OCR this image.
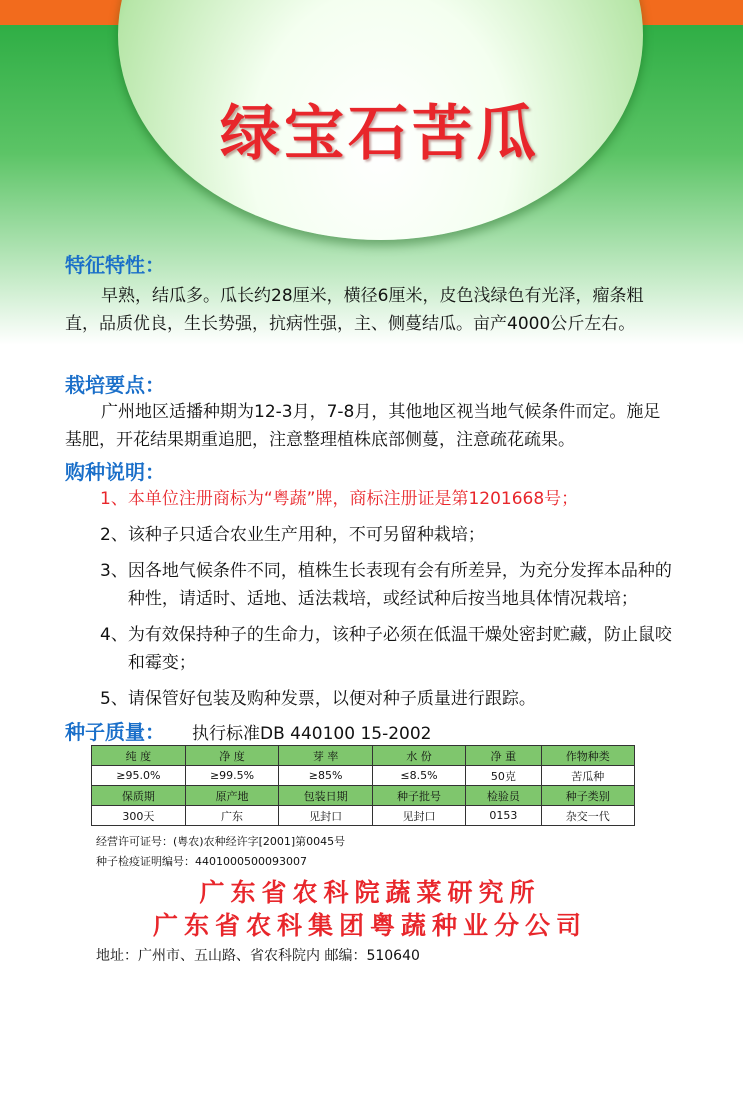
绿宝石苦瓜
特征特性：
早熟，结瓜多。瓜长约28厘米，横径6厘米，皮色浅绿色有光泽，瘤条粗直，品质优良，生长势强，抗病性强，主、侧蔓结瓜。亩产4000公斤左右。
栽培要点：
广州地区适播种期为12-3月，7-8月，其他地区视当地气候条件而定。施足基肥，开花结果期重追肥，注意整理植株底部侧蔓，注意疏花疏果。
购种说明：
1、 本单位注册商标为“粤蔬”牌，商标注册证是第1201668号；
2、 该种子只适合农业生产用种，不可另留种栽培；
3、 因各地气候条件不同，植株生长表现有会有所差异，为充分发挥本品种的种性，请适时、适地、适法栽培，或经试种后按当地具体情况栽培；
4、 为有效保持种子的生命力，该种子必须在低温干燥处密封贮藏，防止鼠咬和霉变；
5、 请保管好包装及购种发票，以便对种子质量进行跟踪。
种子质量： 执行标准DB 440100 15-2002
纯 度	净 度	芽 率	水 份	净 重	作物种类
≥95.0%	≥99.5%	≥85%	≤8.5%	50克	苦瓜种
保质期	原产地	包装日期	种子批号	检验员	种子类别
300天	广东	见封口	见封口	0153	杂交一代
经营许可证号：(粤农)农种经许字[2001]第0045号
种子检疫证明编号：4401000500093007
广东省农科院蔬菜研究所
广东省农科集团粤蔬种业分公司
地址：广州市、五山路、省农科院内 邮编：510640
